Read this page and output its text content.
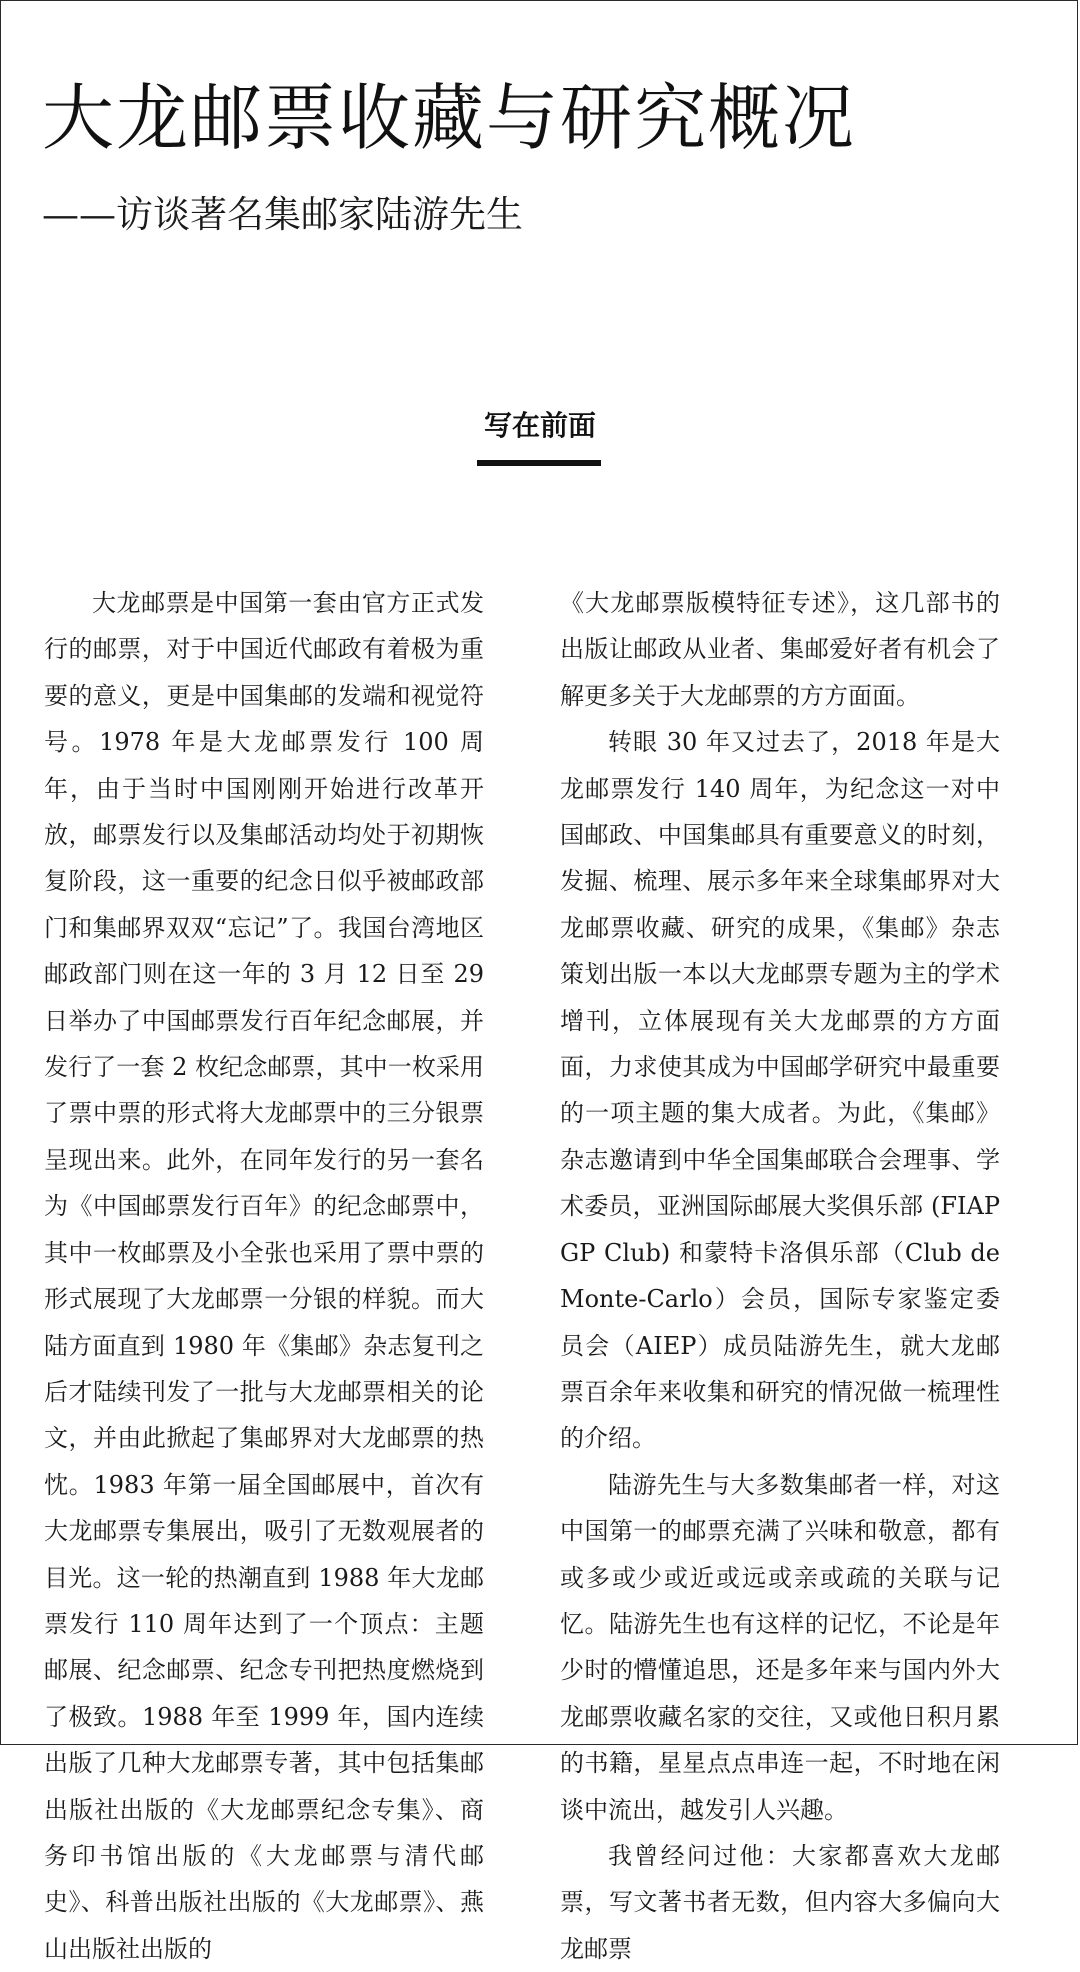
大龙邮票收藏与研究概况
——访谈著名集邮家陆游先生
写在前面

大龙邮票是中国第一套由官方正式发行的邮票，对于中国近代邮政有着极为重要的意义，更是中国集邮的发端和视觉符号。1978 年是大龙邮票发行 100 周年，由于当时中国刚刚开始进行改革开放，邮票发行以及集邮活动均处于初期恢复阶段，这一重要的纪念日似乎被邮政部门和集邮界双双“忘记”了。我国台湾地区邮政部门则在这一年的 3 月 12 日至 29 日举办了中国邮票发行百年纪念邮展，并发行了一套 2 枚纪念邮票，其中一枚采用了票中票的形式将大龙邮票中的三分银票呈现出来。此外，在同年发行的另一套名为《中国邮票发行百年》的纪念邮票中，其中一枚邮票及小全张也采用了票中票的形式展现了大龙邮票一分银的样貌。而大陆方面直到 1980 年《集邮》杂志复刊之后才陆续刊发了一批与大龙邮票相关的论文，并由此掀起了集邮界对大龙邮票的热忱。1983 年第一届全国邮展中，首次有大龙邮票专集展出，吸引了无数观展者的目光。这一轮的热潮直到 1988 年大龙邮票发行 110 周年达到了一个顶点：主题邮展、纪念邮票、纪念专刊把热度燃烧到了极致。1988 年至 1999 年，国内连续出版了几种大龙邮票专著，其中包括集邮出版社出版的《大龙邮票纪念专集》、商务印书馆出版的《大龙邮票与清代邮史》、科普出版社出版的《大龙邮票》、燕山出版社出版的

《大龙邮票版模特征专述》，这几部书的出版让邮政从业者、集邮爱好者有机会了解更多关于大龙邮票的方方面面。

转眼 30 年又过去了，2018 年是大龙邮票发行 140 周年，为纪念这一对中国邮政、中国集邮具有重要意义的时刻，发掘、梳理、展示多年来全球集邮界对大龙邮票收藏、研究的成果，《集邮》杂志策划出版一本以大龙邮票专题为主的学术增刊，立体展现有关大龙邮票的方方面面，力求使其成为中国邮学研究中最重要的一项主题的集大成者。为此，《集邮》杂志邀请到中华全国集邮联合会理事、学术委员，亚洲国际邮展大奖俱乐部 (FIAP GP Club) 和蒙特卡洛俱乐部（Club de Monte-Carlo）会员，国际专家鉴定委员会（AIEP）成员陆游先生，就大龙邮票百余年来收集和研究的情况做一梳理性的介绍。

陆游先生与大多数集邮者一样，对这中国第一的邮票充满了兴味和敬意，都有或多或少或近或远或亲或疏的关联与记忆。陆游先生也有这样的记忆，不论是年少时的懵懂追思，还是多年来与国内外大龙邮票收藏名家的交往，又或他日积月累的书籍，星星点点串连一起，不时地在闲谈中流出，越发引人兴趣。

我曾经问过他：大家都喜欢大龙邮票，写文著书者无数，但内容大多偏向大龙邮票
